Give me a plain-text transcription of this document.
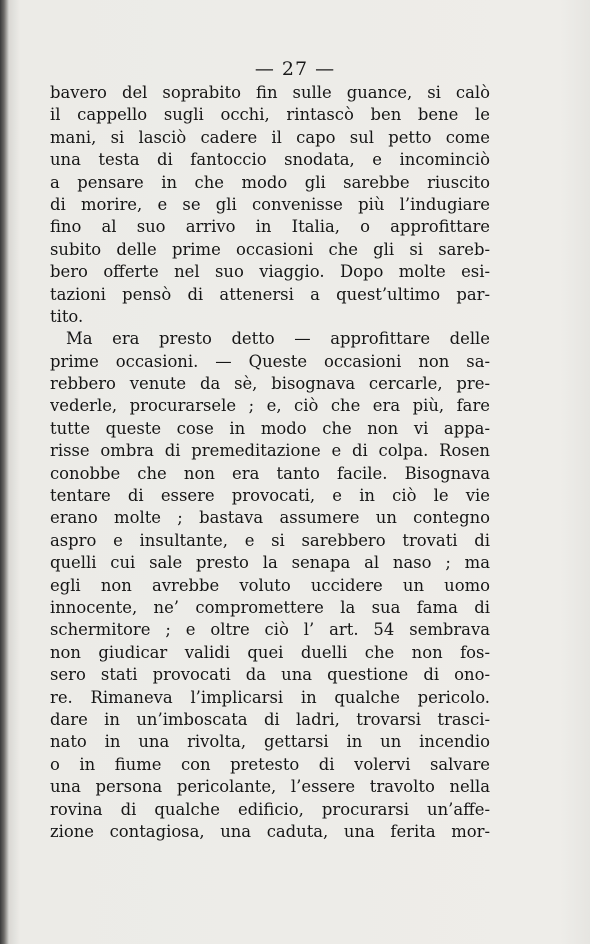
— 27 —
bavero del soprabito fin sulle guance, si calò
il cappello sugli occhi, rintascò ben bene le
mani, si lasciò cadere il capo sul petto come
una testa di fantoccio snodata, e incominciò
a pensare in che modo gli sarebbe riuscito
di morire, e se gli convenisse più l’indugiare
fino al suo arrivo in Italia, o approfittare
subito delle prime occasioni che gli si sareb-
bero offerte nel suo viaggio. Dopo molte esi-
tazioni pensò di attenersi a quest’ultimo par-
tito.
Ma era presto detto — approfittare delle
prime occasioni. — Queste occasioni non sa-
rebbero venute da sè, bisognava cercarle, pre-
vederle, procurarsele ; e, ciò che era più, fare
tutte queste cose in modo che non vi appa-
risse ombra di premeditazione e di colpa. Rosen
conobbe che non era tanto facile. Bisognava
tentare di essere provocati, e in ciò le vie
erano molte ; bastava assumere un contegno
aspro e insultante, e si sarebbero trovati di
quelli cui sale presto la senapa al naso ; ma
egli non avrebbe voluto uccidere un uomo
innocente, ne’ compromettere la sua fama di
schermitore ; e oltre ciò l’ art. 54 sembrava
non giudicar validi quei duelli che non fos-
sero stati provocati da una questione di ono-
re. Rimaneva l’implicarsi in qualche pericolo.
dare in un’imboscata di ladri, trovarsi trasci-
nato in una rivolta, gettarsi in un incendio
o in fiume con pretesto di volervi salvare
una persona pericolante, l’essere travolto nella
rovina di qualche edificio, procurarsi un’affe-
zione contagiosa, una caduta, una ferita mor-
